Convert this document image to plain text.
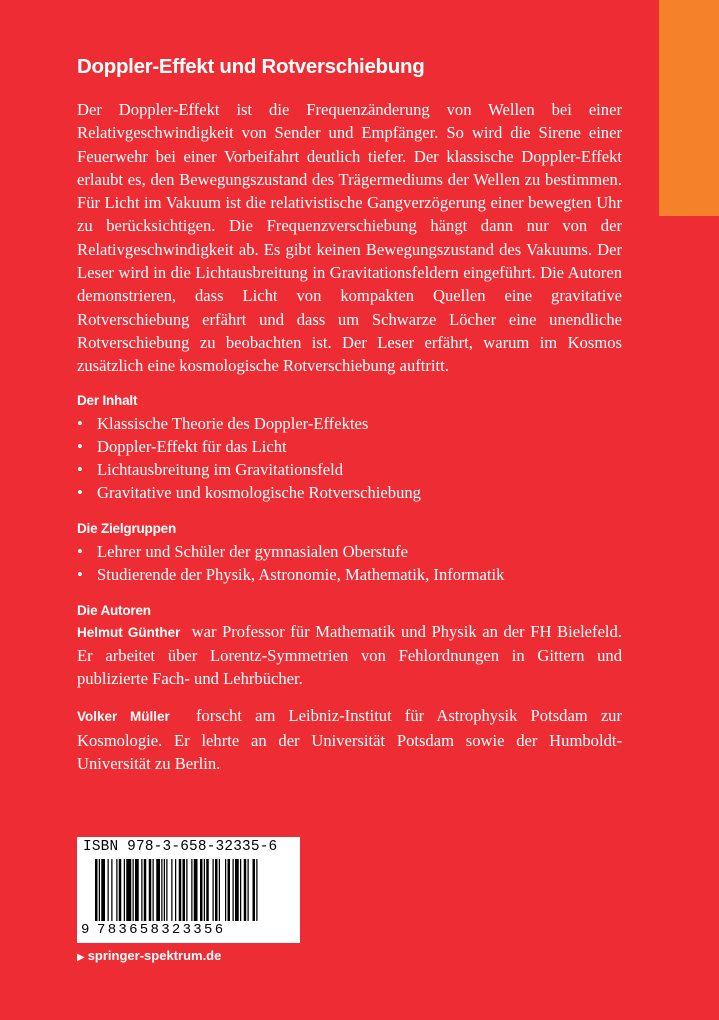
Doppler-Effekt und Rotverschiebung

Der Doppler-Effekt ist die Frequenzänderung von Wellen bei einer Relativgeschwindigkeit von Sender und Empfänger. So wird die Sirene einer Feuerwehr bei einer Vorbeifahrt deutlich tiefer. Der klassische Doppler-Effekt erlaubt es, den Bewegungszustand des Trägermediums der Wellen zu bestimmen. Für Licht im Vakuum ist die relativistische Gangverzögerung einer bewegten Uhr zu berücksichtigen. Die Frequenzverschiebung hängt dann nur von der Relativgeschwindigkeit ab. Es gibt keinen Bewegungszustand des Vakuums. Der Leser wird in die Lichtausbreitung in Gravitationsfeldern eingeführt. Die Autoren demonstrieren, dass Licht von kompakten Quellen eine gravitative Rotverschiebung erfährt und dass um Schwarze Löcher eine unendliche Rotverschiebung zu beobachten ist. Der Leser erfährt, warum im Kosmos zusätzlich eine kosmologische Rotverschiebung auftritt.

Der Inhalt
• Klassische Theorie des Doppler-Effektes
• Doppler-Effekt für das Licht
• Lichtausbreitung im Gravitationsfeld
• Gravitative und kosmologische Rotverschiebung
Die Zielgruppen
• Lehrer und Schüler der gymnasialen Oberstufe
• Studierende der Physik, Astronomie, Mathematik, Informatik
Die Autoren

Helmut Günther war Professor für Mathematik und Physik an der FH Bielefeld. Er arbeitet über Lorentz-Symmetrien von Fehlordnungen in Gittern und publizierte Fach- und Lehrbücher.

Volker Müller forscht am Leibniz-Institut für Astrophysik Potsdam zur Kosmologie. Er lehrte an der Universität Potsdam sowie der Humboldt-Universität zu Berlin.

ISBN 978-3-658-32335-6
9 783658323356
▶ springer-spektrum.de
